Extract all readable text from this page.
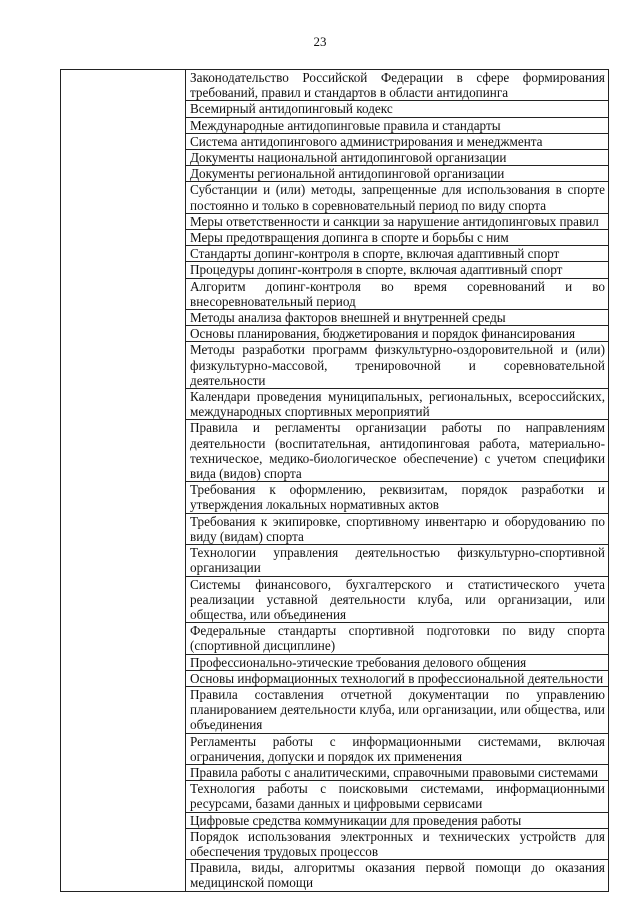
23
	Законодательство Российской Федерации в сфере формирования требований, правил и стандартов в области антидопинга
Всемирный антидопинговый кодекс
Международные антидопинговые правила и стандарты
Система антидопингового администрирования и менеджмента
Документы национальной антидопинговой организации
Документы региональной антидопинговой организации
Субстанции и (или) методы, запрещенные для использования в спорте постоянно и только в соревновательный период по виду спорта
Меры ответственности и санкции за нарушение антидопинговых правил
Меры предотвращения допинга в спорте и борьбы с ним
Стандарты допинг-контроля в спорте, включая адаптивный спорт
Процедуры допинг-контроля в спорте, включая адаптивный спорт
Алгоритм допинг-контроля во время соревнований и во внесоревновательный период
Методы анализа факторов внешней и внутренней среды
Основы планирования, бюджетирования и порядок финансирования
Методы разработки программ физкультурно-оздоровительной и (или) физкультурно-массовой, тренировочной и соревновательной деятельности
Календари проведения муниципальных, региональных, всероссийских, международных спортивных мероприятий
Правила и регламенты организации работы по направлениям деятельности (воспитательная, антидопинговая работа, материально-техническое, медико-биологическое обеспечение) с учетом специфики вида (видов) спорта
Требования к оформлению, реквизитам, порядок разработки и утверждения локальных нормативных актов
Требования к экипировке, спортивному инвентарю и оборудованию по виду (видам) спорта
Технологии управления деятельностью физкультурно-спортивной организации
Системы финансового, бухгалтерского и статистического учета реализации уставной деятельности клуба, или организации, или общества, или объединения
Федеральные стандарты спортивной подготовки по виду спорта (спортивной дисциплине)
Профессионально-этические требования делового общения
Основы информационных технологий в профессиональной деятельности
Правила составления отчетной документации по управлению планированием деятельности клуба, или организации, или общества, или объединения
Регламенты работы с информационными системами, включая ограничения, допуски и порядок их применения
Правила работы с аналитическими, справочными правовыми системами
Технология работы с поисковыми системами, информационными ресурсами, базами данных и цифровыми сервисами
Цифровые средства коммуникации для проведения работы
Порядок использования электронных и технических устройств для обеспечения трудовых процессов
Правила, виды, алгоритмы оказания первой помощи до оказания медицинской помощи
